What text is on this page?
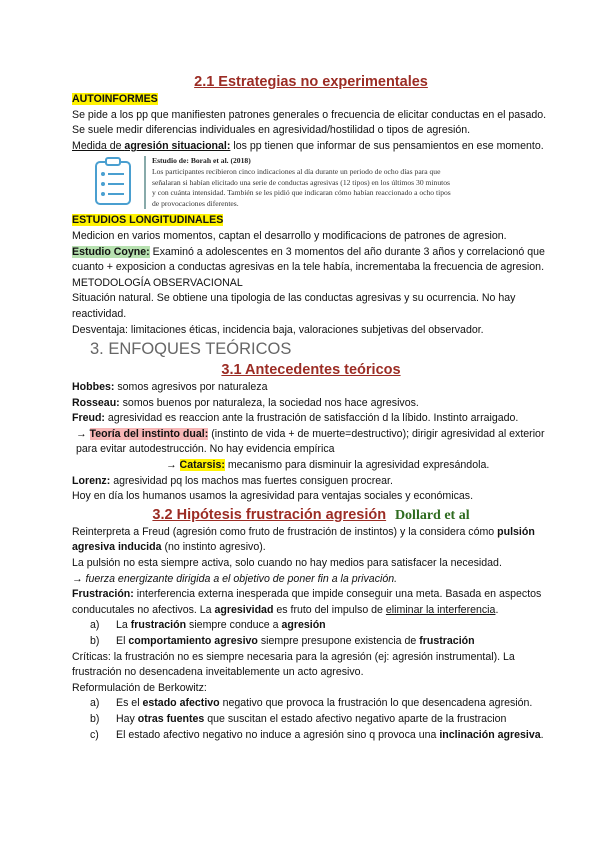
2.1 Estrategias no experimentales
AUTOINFORMES
Se pide a los pp que manifiesten patrones generales o frecuencia de elicitar conductas en el pasado.
Se suele medir diferencias individuales en agresividad/hostilidad o tipos de agresión.
Medida de agresión situacional: los pp tienen que informar de sus pensamientos en ese momento.
Estudio de: Borah et al. (2018)
Los participantes recibieron cinco indicaciones al día durante un periodo de ocho días para que señalaran si habían elicitado una serie de conductas agresivas (12 tipos) en los últimos 30 minutos y con cuánta intensidad. También se les pidió que indicaran cómo habían reaccionado a ocho tipos de provocaciones diferentes.
ESTUDIOS LONGITUDINALES
Medicion en varios momentos, captan el desarrollo y modificacions de patrones de agresion.
Estudio Coyne: Examinó a adolescentes en 3 momentos del año durante 3 años y correlacionó que cuanto + exposicion a conductas agresivas en la tele había, incrementaba la frecuencia de agresion.
METODOLOGÍA OBSERVACIONAL
Situación natural. Se obtiene una tipologia de las conductas agresivas y su ocurrencia. No hay reactividad.
Desventaja: limitaciones éticas, incidencia baja, valoraciones subjetivas del observador.
3. ENFOQUES TEÓRICOS
3.1 Antecedentes teóricos
Hobbes: somos agresivos por naturaleza
Rosseau: somos buenos por naturaleza, la sociedad nos hace agresivos.
Freud: agresividad es reaccion ante la frustración de satisfacción d la líbido. Instinto arraigado.
→ Teoría del instinto dual: (instinto de vida + de muerte=destructivo); dirigir agresividad al exterior para evitar autodestrucción. No hay evidencia empírica
→ Catarsis: mecanismo para disminuir la agresividad expresándola.
Lorenz: agresividad pq los machos mas fuertes consiguen procrear.
Hoy en día los humanos usamos la agresividad para ventajas sociales y económicas.
3.2 Hipótesis frustración agresión Dollard et al
Reinterpreta a Freud (agresión como fruto de frustración de instintos) y la considera cómo pulsión agresiva inducida (no instinto agresivo).
La pulsión no esta siempre activa, solo cuando no hay medios para satisfacer la necesidad.
→ fuerza energizante dirigida a el objetivo de poner fin a la privación.
Frustración: interferencia externa inesperada que impide conseguir una meta. Basada en aspectos conducutales no afectivos. La agresividad es fruto del impulso de eliminar la interferencia.
a) La frustración siempre conduce a agresión
b) El comportamiento agresivo siempre presupone existencia de frustración
Críticas: la frustración no es siempre necesaria para la agresión (ej: agresión instrumental). La frustración no desencadena inveitablemente un acto agresivo.
Reformulación de Berkowitz:
a) Es el estado afectivo negativo que provoca la frustración lo que desencadena agresión.
b) Hay otras fuentes que suscitan el estado afectivo negativo aparte de la frustracion
c) El estado afectivo negativo no induce a agresión sino q provoca una inclinación agresiva.
